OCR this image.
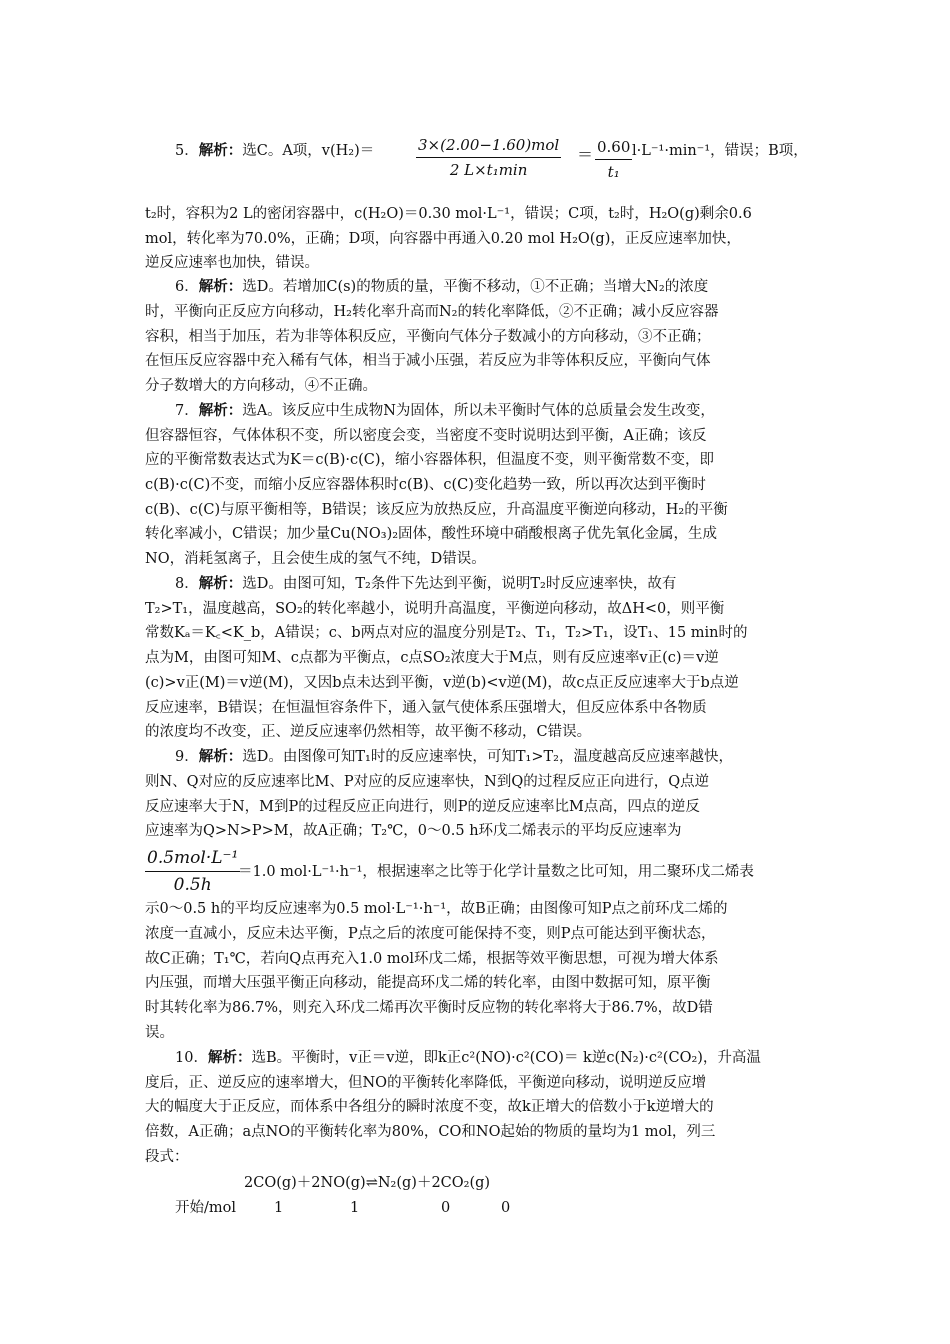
5．解析：选C。A项，v(H₂)＝	3×(2.00−1.60)mol
2 L×t₁min
＝ $\frac{0.60}{\text{t₁}} l\cdot L^{-1}\cdot\min^{-1}$，错误；B项，
t₂时，容积为2 L的密闭容器中，c(H₂O)＝0.30 mol·L⁻¹，错误；C项，t₂时，H₂O(g)剩余0.6
mol，转化率为70.0%，正确；D项，向容器中再通入0.20 mol H₂O(g)，正反应速率加快，
逆反应速率也加快，错误。
6．解析：选D。若增加C(s)的物质的量，平衡不移动，①不正确；当增大N₂的浓度
时，平衡向正反应方向移动，H₂转化率升高而N₂的转化率降低，②不正确；减小反应容器
容积，相当于加压，若为非等体积反应，平衡向气体分子数减小的方向移动，③不正确；
在恒压反应容器中充入稀有气体，相当于减小压强，若反应为非等体积反应，平衡向气体
分子数增大的方向移动，④不正确。
7．解析：选A。该反应中生成物N为固体，所以未平衡时气体的总质量会发生改变，
但容器恒容，气体体积不变，所以密度会变，当密度不变时说明达到平衡，A正确；该反
应的平衡常数表达式为K＝c(B)·c(C)，缩小容器体积，但温度不变，则平衡常数不变，即
c(B)·c(C)不变，而缩小反应容器体积时c(B)、c(C)变化趋势一致，所以再次达到平衡时
c(B)、c(C)与原平衡相等，B错误；该反应为放热反应，升高温度平衡逆向移动，H₂的平衡
转化率减小，C错误；加少量Cu(NO₃)₂固体，酸性环境中硝酸根离子优先氧化金属，生成
NO，消耗氢离子，且会使生成的氢气不纯，D错误。
8．解析：选D。由图可知，T₂条件下先达到平衡，说明T₂时反应速率快，故有
T₂>T₁，温度越高，SO₂的转化率越小，说明升高温度，平衡逆向移动，故ΔH<0，则平衡
常数Kₐ＝K꜀<K_b，A错误；c、b两点对应的温度分别是T₂、T₁，T₂>T₁，设T₁、15 min时的
点为M，由图可知M、c点都为平衡点，c点SO₂浓度大于M点，则有反应速率v正(c)＝v逆
(c)>v正(M)＝v逆(M)，又因b点未达到平衡，v逆(b)<v逆(M)，故c点正反应速率大于b点逆
反应速率，B错误；在恒温恒容条件下，通入氩气使体系压强增大，但反应体系中各物质
的浓度均不改变，正、逆反应速率仍然相等，故平衡不移动，C错误。
9．解析：选D。由图像可知T₁时的反应速率快，可知T₁>T₂，温度越高反应速率越快，
则N、Q对应的反应速率比M、P对应的反应速率快，N到Q的过程反应正向进行，Q点逆
反应速率大于N，M到P的过程反应正向进行，则P的逆反应速率比M点高，四点的逆反
应速率为Q>N>P>M，故A正确；T₂℃，0～0.5 h环戊二烯表示的平均反应速率为
0.5mol·L⁻¹
0.5h
＝1.0 mol·L⁻¹·h⁻¹，根据速率之比等于化学计量数之比可知，用二聚环戊二烯表
示0～0.5 h的平均反应速率为0.5 mol·L⁻¹·h⁻¹，故B正确；由图像可知P点之前环戊二烯的
浓度一直减小，反应未达平衡，P点之后的浓度可能保持不变，则P点可能达到平衡状态，
故C正确；T₁℃，若向Q点再充入1.0 mol环戊二烯，根据等效平衡思想，可视为增大体系
内压强，而增大压强平衡正向移动，能提高环戊二烯的转化率，由图中数据可知，原平衡
时其转化率为86.7%，则充入环戊二烯再次平衡时反应物的转化率将大于86.7%，故D错
误。
10．解析：选B。平衡时，v正＝v逆，即k正c²(NO)·c²(CO)＝ k逆c(N₂)·c²(CO₂)，升高温
度后，正、逆反应的速率增大，但NO的平衡转化率降低，平衡逆向移动，说明逆反应增
大的幅度大于正反应，而体系中各组分的瞬时浓度不变，故k正增大的倍数小于k逆增大的
倍数，A正确；a点NO的平衡转化率为80%，CO和NO起始的物质的量均为1 mol，列三
段式：
2CO(g)＋2NO(g)⇌N₂(g)＋2CO₂(g)
开始/mol	1	1	0	0
